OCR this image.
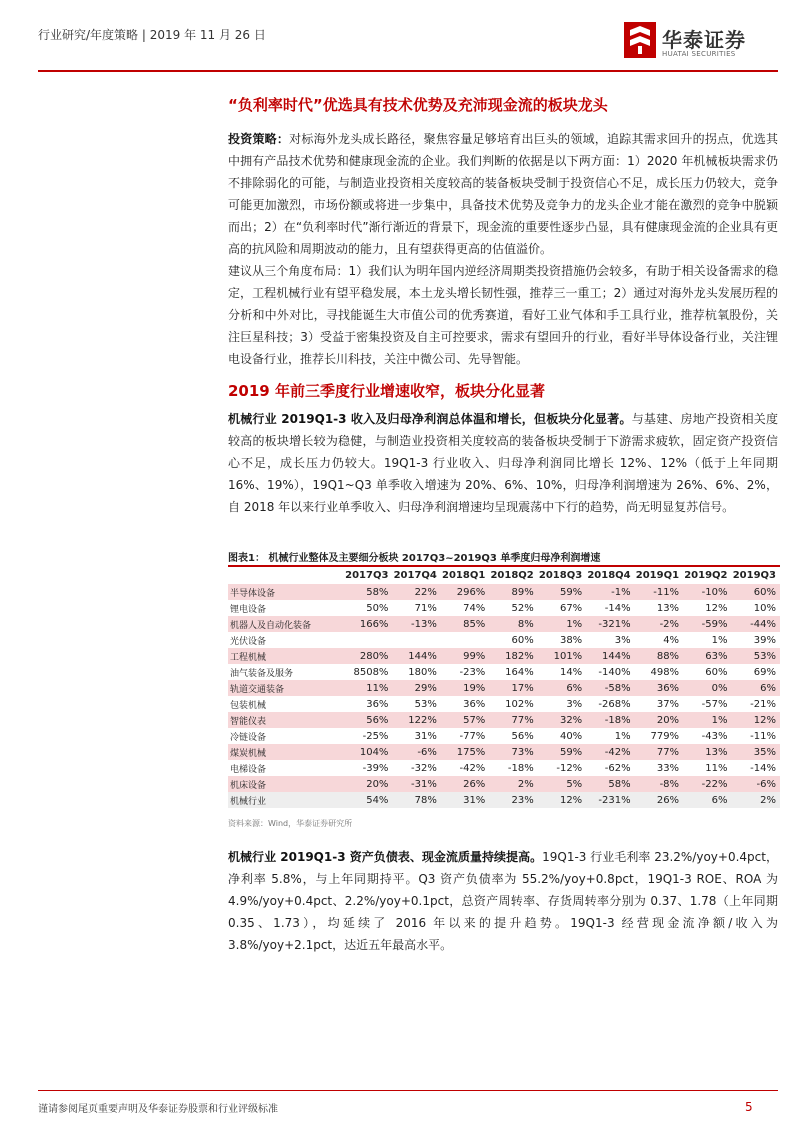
行业研究/年度策略 | 2019 年 11 月 26 日	华泰证券
HUATAI SECURITIES
“负利率时代”优选具有技术优势及充沛现金流的板块龙头

投资策略：对标海外龙头成长路径，聚焦容量足够培育出巨头的领域，追踪其需求回升的拐点，优选其中拥有产品技术优势和健康现金流的企业。我们判断的依据是以下两方面：1）2020 年机械板块需求仍不排除弱化的可能，与制造业投资相关度较高的装备板块受制于投资信心不足，成长压力仍较大，竞争可能更加激烈，市场份额或将进一步集中，具备技术优势及竞争力的龙头企业才能在激烈的竞争中脱颖而出；2）在“负利率时代”渐行渐近的背景下，现金流的重要性逐步凸显，具有健康现金流的企业具有更高的抗风险和周期波动的能力，且有望获得更高的估值溢价。

建议从三个角度布局：1）我们认为明年国内逆经济周期类投资措施仍会较多，有助于相关设备需求的稳定，工程机械行业有望平稳发展，本土龙头增长韧性强，推荐三一重工；2）通过对海外龙头发展历程的分析和中外对比，寻找能诞生大市值公司的优秀赛道，看好工业气体和手工具行业，推荐杭氧股份，关注巨星科技；3）受益于密集投资及自主可控要求，需求有望回升的行业，看好半导体设备行业，关注锂电设备行业，推荐长川科技，关注中微公司、先导智能。

2019 年前三季度行业增速收窄，板块分化显著

机械行业 2019Q1-3 收入及归母净利润总体温和增长，但板块分化显著。与基建、房地产投资相关度较高的板块增长较为稳健，与制造业投资相关度较高的装备板块受制于下游需求疲软，固定资产投资信心不足，成长压力仍较大。19Q1-3 行业收入、归母净利润同比增长 12%、12%（低于上年同期 16%、19%），19Q1~Q3 单季收入增速为 20%、6%、10%，归母净利润增速为 26%、6%、2%，自 2018 年以来行业单季收入、归母净利润增速均呈现震荡中下行的趋势，尚无明显复苏信号。

图表1： 机械行业整体及主要细分板块 2017Q3~2019Q3 单季度归母净利润增速
	2017Q3	2017Q4	2018Q1	2018Q2	2018Q3	2018Q4	2019Q1	2019Q2	2019Q3
半导体设备	58%	22%	296%	89%	59%	-1%	-11%	-10%	60%
锂电设备	50%	71%	74%	52%	67%	-14%	13%	12%	10%
机器人及自动化装备	166%	-13%	85%	8%	1%	-321%	-2%	-59%	-44%
光伏设备				60%	38%	3%	4%	1%	39%
工程机械	280%	144%	99%	182%	101%	144%	88%	63%	53%
油气装备及服务	8508%	180%	-23%	164%	14%	-140%	498%	60%	69%
轨道交通装备	11%	29%	19%	17%	6%	-58%	36%	0%	6%
包装机械	36%	53%	36%	102%	3%	-268%	37%	-57%	-21%
智能仪表	56%	122%	57%	77%	32%	-18%	20%	1%	12%
冷链设备	-25%	31%	-77%	56%	40%	1%	779%	-43%	-11%
煤炭机械	104%	-6%	175%	73%	59%	-42%	77%	13%	35%
电梯设备	-39%	-32%	-42%	-18%	-12%	-62%	33%	11%	-14%
机床设备	20%	-31%	26%	2%	5%	58%	-8%	-22%	-6%
机械行业	54%	78%	31%	23%	12%	-231%	26%	6%	2%
资料来源：Wind，华泰证券研究所

机械行业 2019Q1-3 资产负债表、现金流质量持续提高。19Q1-3 行业毛利率 23.2%/yoy+0.4pct，净利率 5.8%，与上年同期持平。Q3 资产负债率为 55.2%/yoy+0.8pct，19Q1-3 ROE、ROA 为 4.9%/yoy+0.4pct、2.2%/yoy+0.1pct，总资产周转率、存货周转率分别为 0.37、1.78（上年同期 0.35、1.73），均延续了 2016 年以来的提升趋势。19Q1-3 经营现金流净额/收入为 3.8%/yoy+2.1pct，达近五年最高水平。

谨请参阅尾页重要声明及华泰证券股票和行业评级标准	5
